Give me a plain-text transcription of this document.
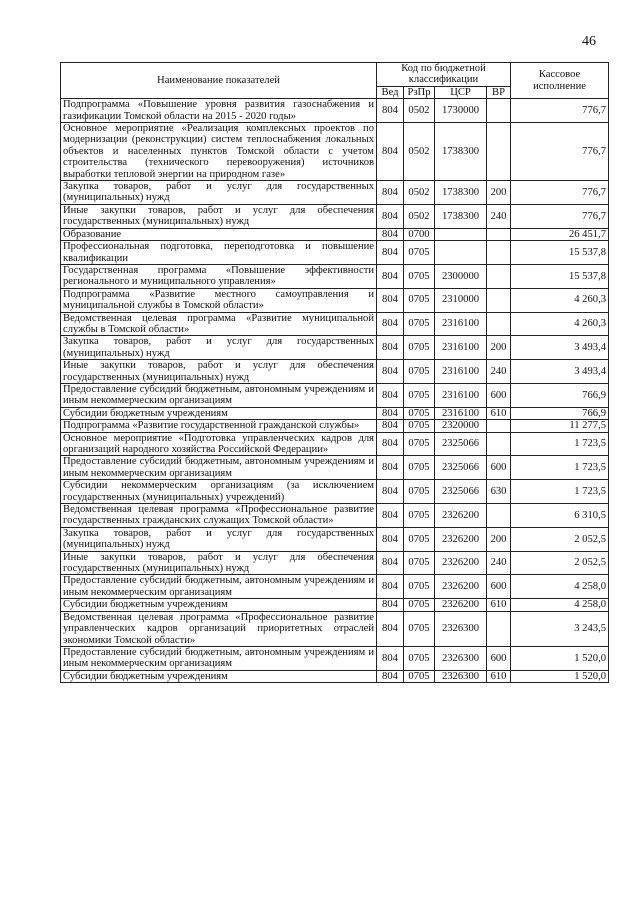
46
Наименование показателей	Код по бюджетной классификации				Кассовое исполнение
	Вед	РзПр	ЦСР	ВР	
Подпрограмма «Повышение уровня развития газоснабжения и газификации Томской области на 2015 - 2020 годы»	804	0502	1730000		776,7
Основное мероприятие «Реализация комплексных проектов по модернизации (реконструкции) систем теплоснабжения локальных объектов и населенных пунктов Томской области с учетом строительства (технического перевооружения) источников выработки тепловой энергии на природном газе»	804	0502	1738300		776,7
Закупка товаров, работ и услуг для государственных (муниципальных) нужд	804	0502	1738300	200	776,7
Иные закупки товаров, работ и услуг для обеспечения государственных (муниципальных) нужд	804	0502	1738300	240	776,7
Образование	804	0700			26 451,7
Профессиональная подготовка, переподготовка и повышение квалификации	804	0705			15 537,8
Государственная программа «Повышение эффективности регионального и муниципального управления»	804	0705	2300000		15 537,8
Подпрограмма «Развитие местного самоуправления и муниципальной службы в Томской области»	804	0705	2310000		4 260,3
Ведомственная целевая программа «Развитие муниципальной службы в Томской области»	804	0705	2316100		4 260,3
Закупка товаров, работ и услуг для государственных (муниципальных) нужд	804	0705	2316100	200	3 493,4
Иные закупки товаров, работ и услуг для обеспечения государственных (муниципальных) нужд	804	0705	2316100	240	3 493,4
Предоставление субсидий бюджетным, автономным учреждениям и иным некоммерческим организациям	804	0705	2316100	600	766,9
Субсидии бюджетным учреждениям	804	0705	2316100	610	766,9
Подпрограмма «Развитие государственной гражданской службы»	804	0705	2320000		11 277,5
Основное мероприятие «Подготовка управленческих кадров для организаций народного хозяйства Российской Федерации»	804	0705	2325066		1 723,5
Предоставление субсидий бюджетным, автономным учреждениям и иным некоммерческим организациям	804	0705	2325066	600	1 723,5
Субсидии некоммерческим организациям (за исключением государственных (муниципальных) учреждений)	804	0705	2325066	630	1 723,5
Ведомственная целевая программа «Профессиональное развитие государственных гражданских служащих Томской области»	804	0705	2326200		6 310,5
Закупка товаров, работ и услуг для государственных (муниципальных) нужд	804	0705	2326200	200	2 052,5
Иные закупки товаров, работ и услуг для обеспечения государственных (муниципальных) нужд	804	0705	2326200	240	2 052,5
Предоставление субсидий бюджетным, автономным учреждениям и иным некоммерческим организациям	804	0705	2326200	600	4 258,0
Субсидии бюджетным учреждениям	804	0705	2326200	610	4 258,0
Ведомственная целевая программа «Профессиональное развитие управленческих кадров организаций приоритетных отраслей экономики Томской области»	804	0705	2326300		3 243,5
Предоставление субсидий бюджетным, автономным учреждениям и иным некоммерческим организациям	804	0705	2326300	600	1 520,0
Субсидии бюджетным учреждениям	804	0705	2326300	610	1 520,0
